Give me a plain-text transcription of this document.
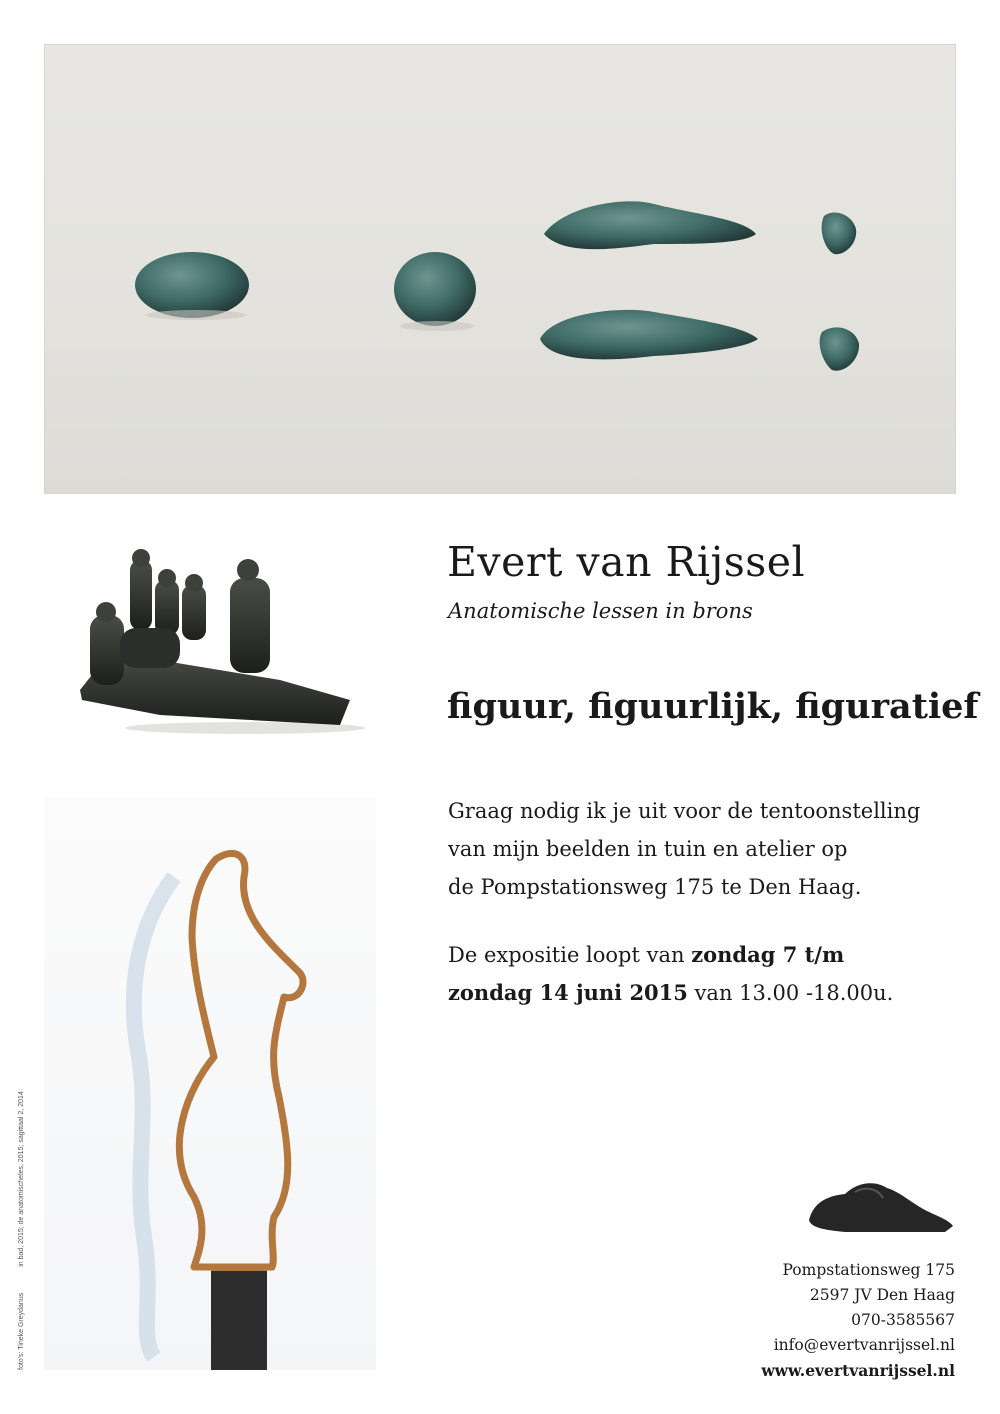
foto's: Tineke Greydanus
in bad, 2015; de anatomischeles, 2015; sagittaal 2, 2014
Evert van Rijssel

Anatomische lessen in brons

figuur, figuurlijk, figuratief

Graag nodig ik je uit voor de tentoonstelling

van mijn beelden in tuin en atelier op

de Pompstationsweg 175 te Den Haag.

De expositie loopt van zondag 7 t/m

zondag 14 juni 2015 van 13.00 -18.00u.

Pompstationsweg 175
2597 JV Den Haag
070-3585567
info@evertvanrijssel.nl
www.evertvanrijssel.nl
